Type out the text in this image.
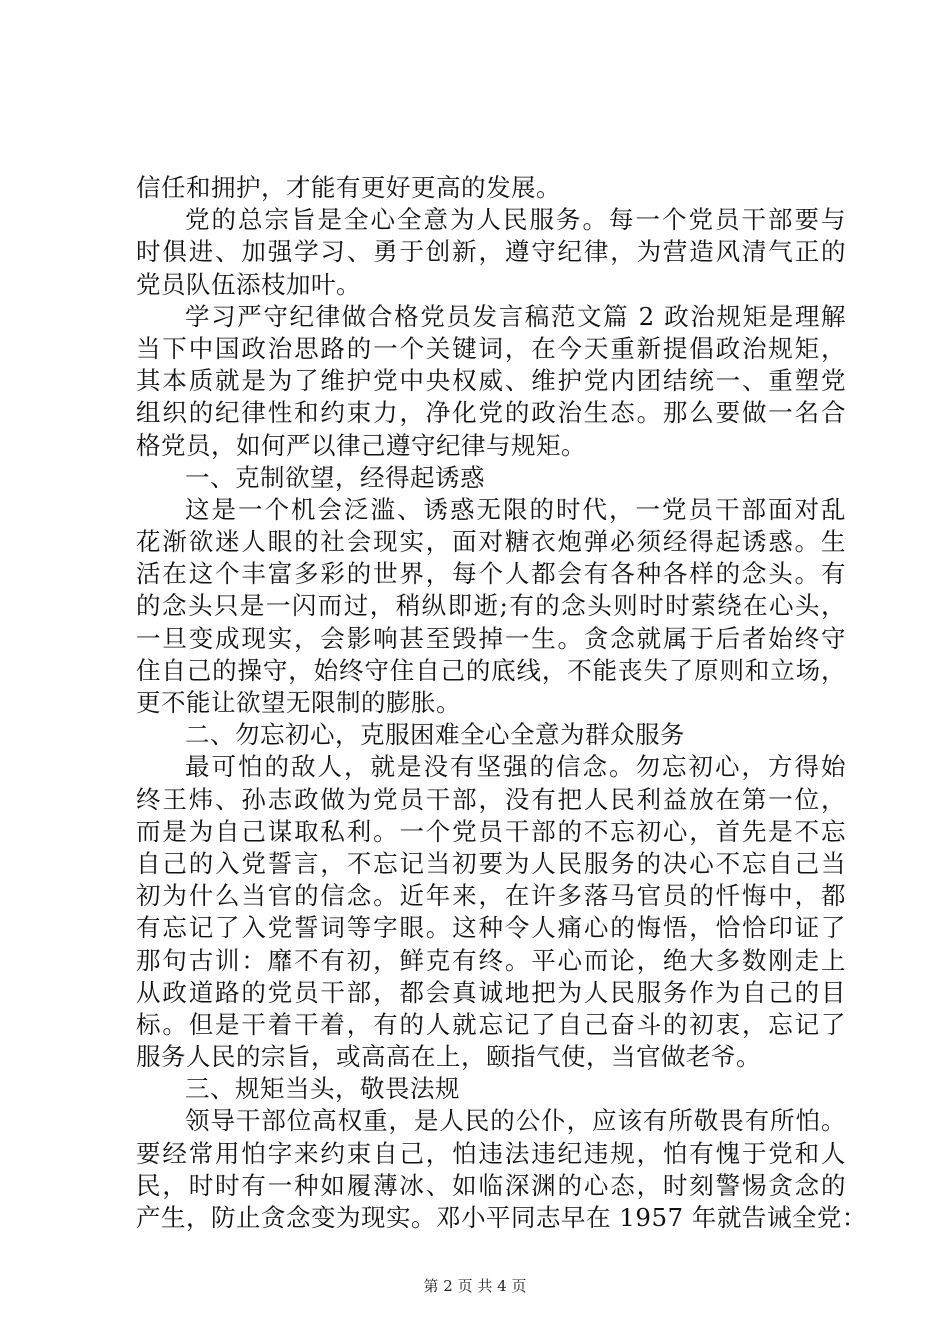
信任和拥护，才能有更好更高的发展。
党的总宗旨是全心全意为人民服务。每一个党员干部要与
时俱进、加强学习、勇于创新，遵守纪律，为营造风清气正的
党员队伍添枝加叶。
学习严守纪律做合格党员发言稿范文篇 2 政治规矩是理解
当下中国政治思路的一个关键词，在今天重新提倡政治规矩，
其本质就是为了维护党中央权威、维护党内团结统一、重塑党
组织的纪律性和约束力，净化党的政治生态。那么要做一名合
格党员，如何严以律己遵守纪律与规矩。
一、克制欲望，经得起诱惑
这是一个机会泛滥、诱惑无限的时代，一党员干部面对乱
花渐欲迷人眼的社会现实，面对糖衣炮弹必须经得起诱惑。生
活在这个丰富多彩的世界，每个人都会有各种各样的念头。有
的念头只是一闪而过，稍纵即逝;有的念头则时时萦绕在心头，
一旦变成现实，会影响甚至毁掉一生。贪念就属于后者始终守
住自己的操守，始终守住自己的底线，不能丧失了原则和立场，
更不能让欲望无限制的膨胀。
二、勿忘初心，克服困难全心全意为群众服务
最可怕的敌人，就是没有坚强的信念。勿忘初心，方得始
终王炜、孙志政做为党员干部，没有把人民利益放在第一位，
而是为自己谋取私利。一个党员干部的不忘初心，首先是不忘
自己的入党誓言，不忘记当初要为人民服务的决心不忘自己当
初为什么当官的信念。近年来，在许多落马官员的忏悔中，都
有忘记了入党誓词等字眼。这种令人痛心的悔悟，恰恰印证了
那句古训：靡不有初，鲜克有终。平心而论，绝大多数刚走上
从政道路的党员干部，都会真诚地把为人民服务作为自己的目
标。但是干着干着，有的人就忘记了自己奋斗的初衷，忘记了
服务人民的宗旨，或高高在上，颐指气使，当官做老爷。
三、规矩当头，敬畏法规
领导干部位高权重，是人民的公仆，应该有所敬畏有所怕。
要经常用怕字来约束自己，怕违法违纪违规，怕有愧于党和人
民，时时有一种如履薄冰、如临深渊的心态，时刻警惕贪念的
产生，防止贪念变为现实。邓小平同志早在 1957 年就告诫全党：
第 2 页 共 4 页
